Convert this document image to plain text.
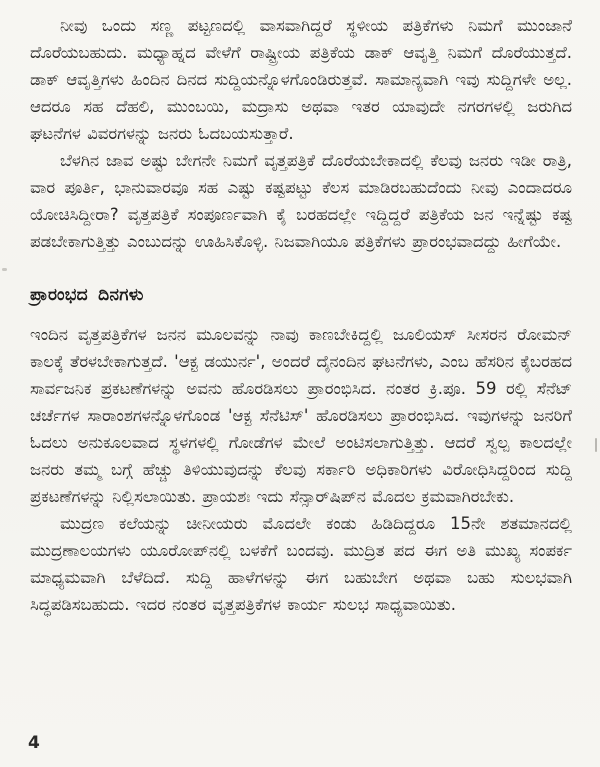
ನೀವು ಒಂದು ಸಣ್ಣ ಪಟ್ಟಣದಲ್ಲಿ ವಾಸವಾಗಿದ್ದರೆ ಸ್ಥಳೀಯ ಪತ್ರಿಕೆಗಳು ನಿಮಗೆ ಮುಂಜಾನೆ ದೊರೆಯಬಹುದು. ಮಧ್ಯಾಹ್ನದ ವೇಳೆಗೆ ರಾಷ್ಟ್ರೀಯ ಪತ್ರಿಕೆಯ ಡಾಕ್ ಆವೃತ್ತಿ ನಿಮಗೆ ದೊರೆಯುತ್ತದೆ. ಡಾಕ್ ಆವೃತ್ತಿಗಳು ಹಿಂದಿನ ದಿನದ ಸುದ್ದಿಯನ್ನೊಳಗೊಂಡಿರುತ್ತವೆ. ಸಾಮಾನ್ಯವಾಗಿ ಇವು ಸುದ್ದಿಗಳೇ ಅಲ್ಲ. ಆದರೂ ಸಹ ದೆಹಲಿ, ಮುಂಬಯಿ, ಮದ್ರಾಸು ಅಥವಾ ಇತರ ಯಾವುದೇ ನಗರಗಳಲ್ಲಿ ಜರುಗಿದ ಘಟನೆಗಳ ವಿವರಗಳನ್ನು ಜನರು ಓದಬಯಸುತ್ತಾರೆ.

ಬೆಳಗಿನ ಜಾವ ಅಷ್ಟು ಬೇಗನೇ ನಿಮಗೆ ವೃತ್ತಪತ್ರಿಕೆ ದೊರೆಯಬೇಕಾದಲ್ಲಿ ಕೆಲವು ಜನರು ಇಡೀ ರಾತ್ರಿ, ವಾರ ಪೂರ್ತಿ, ಭಾನುವಾರವೂ ಸಹ ಎಷ್ಟು ಕಷ್ಟಪಟ್ಟು ಕೆಲಸ ಮಾಡಿರಬಹುದೆಂದು ನೀವು ಎಂದಾದರೂ ಯೋಚಿಸಿದ್ದೀರಾ? ವೃತ್ತಪತ್ರಿಕೆ ಸಂಪೂರ್ಣವಾಗಿ ಕೈ ಬರಹದಲ್ಲೇ ಇದ್ದಿದ್ದರೆ ಪತ್ರಿಕೆಯ ಜನ ಇನ್ನೆಷ್ಟು ಕಷ್ಟ ಪಡಬೇಕಾಗುತ್ತಿತ್ತು ಎಂಬುದನ್ನು ಊಹಿಸಿಕೊಳ್ಳಿ. ನಿಜವಾಗಿಯೂ ಪತ್ರಿಕೆಗಳು ಪ್ರಾರಂಭವಾದದ್ದು ಹೀಗೆಯೇ.

ಪ್ರಾರಂಭದ ದಿನಗಳು

ಇಂದಿನ ವೃತ್ತಪತ್ರಿಕೆಗಳ ಜನನ ಮೂಲವನ್ನು ನಾವು ಕಾಣಬೇಕಿದ್ದಲ್ಲಿ ಜೂಲಿಯಸ್ ಸೀಸರನ ರೋಮನ್ ಕಾಲಕ್ಕೆ ತೆರಳಬೇಕಾಗುತ್ತದೆ. 'ಆಕ್ಟ ಡಯುರ್ನ', ಅಂದರೆ ದೈನಂದಿನ ಘಟನೆಗಳು, ಎಂಬ ಹೆಸರಿನ ಕೈಬರಹದ ಸಾರ್ವಜನಿಕ ಪ್ರಕಟಣೆಗಳನ್ನು ಅವನು ಹೊರಡಿಸಲು ಪ್ರಾರಂಭಿಸಿದ. ನಂತರ ಕ್ರಿ.ಪೂ. 59 ರಲ್ಲಿ ಸೆನೆಟ್ ಚರ್ಚೆಗಳ ಸಾರಾಂಶಗಳನ್ನೊಳಗೊಂಡ 'ಆಕ್ಟ ಸೆನೆಟಿಸ್' ಹೊರಡಿಸಲು ಪ್ರಾರಂಭಿಸಿದ. ಇವುಗಳನ್ನು ಜನರಿಗೆ ಓದಲು ಅನುಕೂಲವಾದ ಸ್ಥಳಗಳಲ್ಲಿ ಗೋಡೆಗಳ ಮೇಲೆ ಅಂಟಿಸಲಾಗುತ್ತಿತ್ತು. ಆದರೆ ಸ್ವಲ್ಪ ಕಾಲದಲ್ಲೇ ಜನರು ತಮ್ಮ ಬಗ್ಗೆ ಹೆಚ್ಚು ತಿಳಿಯುವುದನ್ನು ಕೆಲವು ಸರ್ಕಾರಿ ಅಧಿಕಾರಿಗಳು ವಿರೋಧಿಸಿದ್ದರಿಂದ ಸುದ್ದಿ ಪ್ರಕಟಣೆಗಳನ್ನು ನಿಲ್ಲಿಸಲಾಯಿತು. ಪ್ರಾಯಶಃ ಇದು ಸೆನ್ಸಾರ್‌ಷಿಪ್‌ನ ಮೊದಲ ಕ್ರಮವಾಗಿರಬೇಕು.

ಮುದ್ರಣ ಕಲೆಯನ್ನು ಚೀನೀಯರು ಮೊದಲೇ ಕಂಡು ಹಿಡಿದಿದ್ದರೂ 15ನೇ ಶತಮಾನದಲ್ಲಿ ಮುದ್ರಣಾಲಯಗಳು ಯೂರೋಪ್‌ನಲ್ಲಿ ಬಳಕೆಗೆ ಬಂದವು. ಮುದ್ರಿತ ಪದ ಈಗ ಅತಿ ಮುಖ್ಯ ಸಂಪರ್ಕ ಮಾಧ್ಯಮವಾಗಿ ಬೆಳೆದಿದೆ. ಸುದ್ದಿ ಹಾಳೆಗಳನ್ನು ಈಗ ಬಹುಬೇಗ ಅಥವಾ ಬಹು ಸುಲಭವಾಗಿ ಸಿದ್ಧಪಡಿಸಬಹುದು. ಇದರ ನಂತರ ವೃತ್ತಪತ್ರಿಕೆಗಳ ಕಾರ್ಯ ಸುಲಭ ಸಾಧ್ಯವಾಯಿತು.

4
